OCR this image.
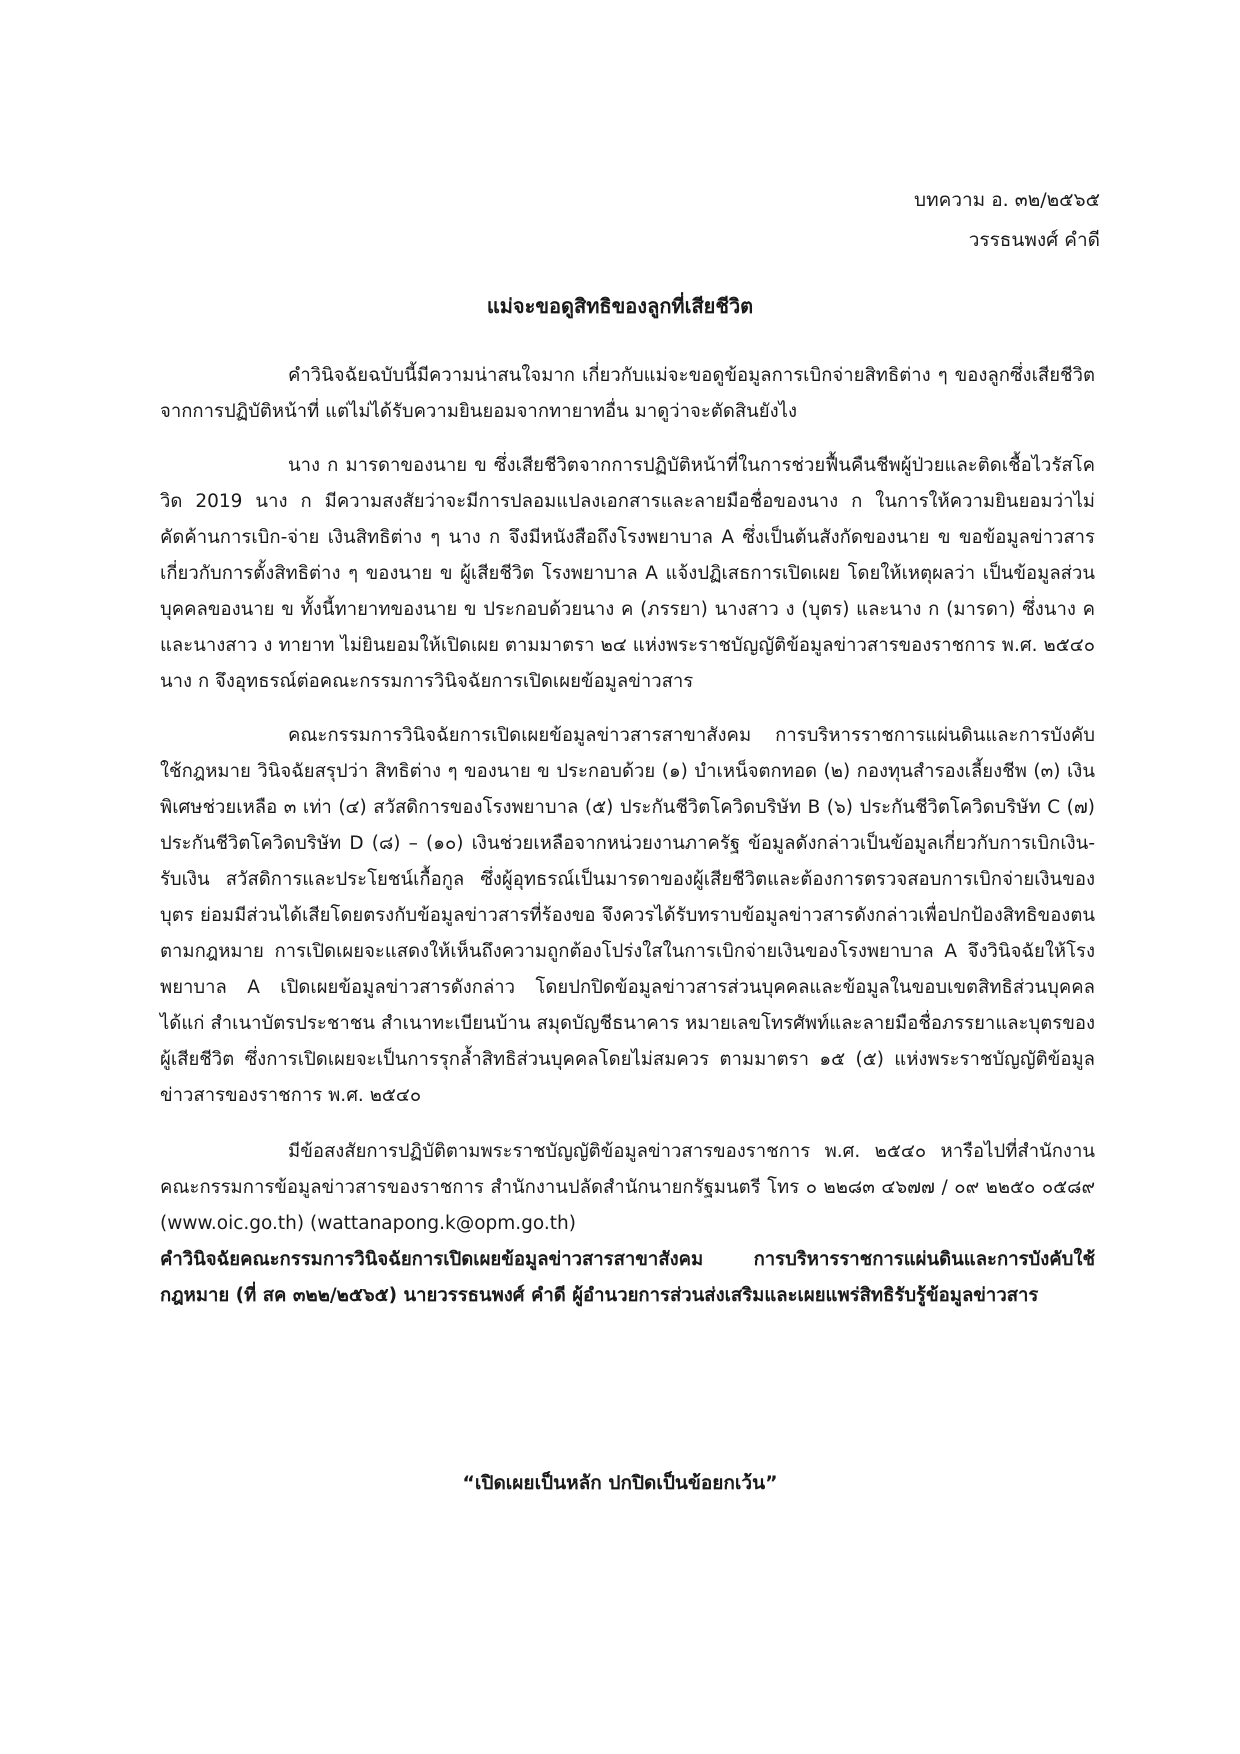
บทความ อ. ๓๒/๒๕๖๕
วรรธนพงศ์ คำดี
แม่จะขอดูสิทธิของลูกที่เสียชีวิต

คำวินิจฉัยฉบับนี้มีความน่าสนใจมาก เกี่ยวกับแม่จะขอดูข้อมูลการเบิกจ่ายสิทธิต่าง ๆ ของลูกซึ่งเสียชีวิตจากการปฏิบัติหน้าที่ แต่ไม่ได้รับความยินยอมจากทายาทอื่น มาดูว่าจะตัดสินยังไง

นาง ก มารดาของนาย ข ซึ่งเสียชีวิตจากการปฏิบัติหน้าที่ในการช่วยฟื้นคืนชีพผู้ป่วยและติดเชื้อไวรัสโควิด 2019 นาง ก มีความสงสัยว่าจะมีการปลอมแปลงเอกสารและลายมือชื่อของนาง ก ในการให้ความยินยอมว่าไม่คัดค้านการเบิก-จ่าย เงินสิทธิต่าง ๆ นาง ก จึงมีหนังสือถึงโรงพยาบาล A ซึ่งเป็นต้นสังกัดของนาย ข ขอข้อมูลข่าวสารเกี่ยวกับการตั้งสิทธิต่าง ๆ ของนาย ข ผู้เสียชีวิต โรงพยาบาล A แจ้งปฏิเสธการเปิดเผย โดยให้เหตุผลว่า เป็นข้อมูลส่วนบุคคลของนาย ข ทั้งนี้ทายาทของนาย ข ประกอบด้วยนาง ค (ภรรยา) นางสาว ง (บุตร) และนาง ก (มารดา) ซึ่งนาง ค และนางสาว ง ทายาท ไม่ยินยอมให้เปิดเผย ตามมาตรา ๒๔ แห่งพระราชบัญญัติข้อมูลข่าวสารของราชการ พ.ศ. ๒๕๔๐ นาง ก จึงอุทธรณ์ต่อคณะกรรมการวินิจฉัยการเปิดเผยข้อมูลข่าวสาร

คณะกรรมการวินิจฉัยการเปิดเผยข้อมูลข่าวสารสาขาสังคม การบริหารราชการแผ่นดินและการบังคับใช้กฎหมาย วินิจฉัยสรุปว่า สิทธิต่าง ๆ ของนาย ข ประกอบด้วย (๑) บำเหน็จตกทอด (๒) กองทุนสำรองเลี้ยงชีพ (๓) เงินพิเศษช่วยเหลือ ๓ เท่า (๔) สวัสดิการของโรงพยาบาล (๕) ประกันชีวิตโควิดบริษัท B (๖) ประกันชีวิตโควิดบริษัท C (๗) ประกันชีวิตโควิดบริษัท D (๘) – (๑๐) เงินช่วยเหลือจากหน่วยงานภาครัฐ ข้อมูลดังกล่าวเป็นข้อมูลเกี่ยวกับการเบิกเงิน-รับเงิน สวัสดิการและประโยชน์เกื้อกูล ซึ่งผู้อุทธรณ์เป็นมารดาของผู้เสียชีวิตและต้องการตรวจสอบการเบิกจ่ายเงินของบุตร ย่อมมีส่วนได้เสียโดยตรงกับข้อมูลข่าวสารที่ร้องขอ จึงควรได้รับทราบข้อมูลข่าวสารดังกล่าวเพื่อปกป้องสิทธิของตนตามกฎหมาย การเปิดเผยจะแสดงให้เห็นถึงความถูกต้องโปร่งใสในการเบิกจ่ายเงินของโรงพยาบาล A จึงวินิจฉัยให้โรงพยาบาล A เปิดเผยข้อมูลข่าวสารดังกล่าว โดยปกปิดข้อมูลข่าวสารส่วนบุคคลและข้อมูลในขอบเขตสิทธิส่วนบุคคล ได้แก่ สำเนาบัตรประชาชน สำเนาทะเบียนบ้าน สมุดบัญชีธนาคาร หมายเลขโทรศัพท์และลายมือชื่อภรรยาและบุตรของผู้เสียชีวิต ซึ่งการเปิดเผยจะเป็นการรุกล้ำสิทธิส่วนบุคคลโดยไม่สมควร ตามมาตรา ๑๕ (๕) แห่งพระราชบัญญัติข้อมูลข่าวสารของราชการ พ.ศ. ๒๕๔๐

มีข้อสงสัยการปฏิบัติตามพระราชบัญญัติข้อมูลข่าวสารของราชการ พ.ศ. ๒๕๔๐ หารือไปที่สำนักงานคณะกรรมการข้อมูลข่าวสารของราชการ สำนักงานปลัดสำนักนายกรัฐมนตรี โทร ๐ ๒๒๘๓ ๔๖๗๗ / ๐๙ ๒๒๕๐ ๐๕๘๙ (www.oic.go.th) (wattanapong.k@opm.go.th)

คำวินิจฉัยคณะกรรมการวินิจฉัยการเปิดเผยข้อมูลข่าวสารสาขาสังคม การบริหารราชการแผ่นดินและการบังคับใช้กฎหมาย (ที่ สค ๓๒๒/๒๕๖๕) นายวรรธนพงศ์ คำดี ผู้อำนวยการส่วนส่งเสริมและเผยแพร่สิทธิรับรู้ข้อมูลข่าวสาร

“เปิดเผยเป็นหลัก ปกปิดเป็นข้อยกเว้น”
